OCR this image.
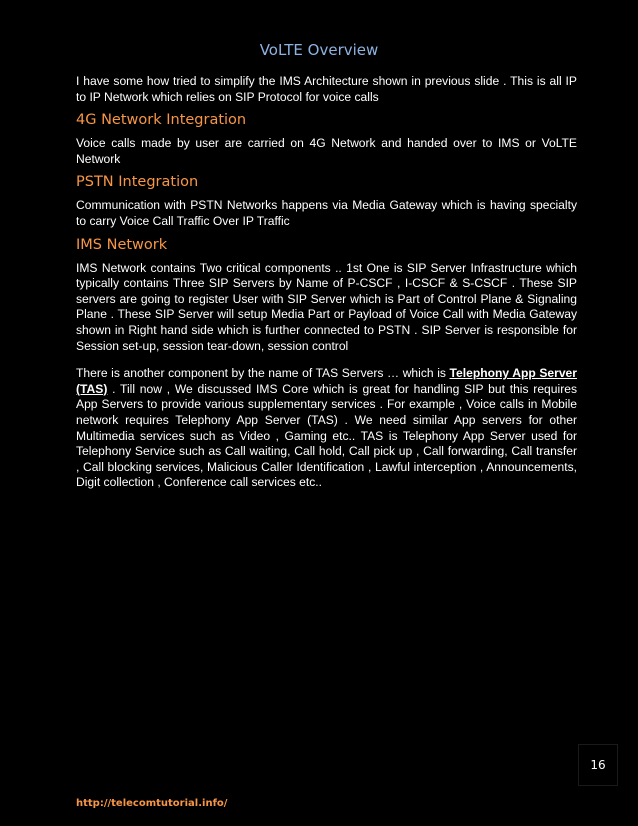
VoLTE Overview

I have some how tried to simplify the IMS Architecture shown in previous slide . This is all IP to IP Network which relies on SIP Protocol for voice calls

4G Network Integration

Voice calls made by user are carried on 4G Network and handed over to IMS or VoLTE Network

PSTN Integration

Communication with PSTN Networks happens via Media Gateway which is having specialty to carry Voice Call Traffic Over IP Traffic

IMS Network

IMS Network contains Two critical components .. 1st One is SIP Server Infrastructure which typically contains Three SIP Servers by Name of P-CSCF , I-CSCF & S-CSCF . These SIP servers are going to register User with SIP Server which is Part of Control Plane & Signaling Plane . These SIP Server will setup Media Part or Payload of Voice Call with Media Gateway shown in Right hand side which is further connected to PSTN . SIP Server is responsible for Session set-up, session tear-down, session control

There is another component by the name of TAS Servers … which is Telephony App Server (TAS) . Till now , We discussed IMS Core which is great for handling SIP but this requires App Servers to provide various supplementary services . For example , Voice calls in Mobile network requires Telephony App Server (TAS) . We need similar App servers for other Multimedia services such as Video , Gaming etc.. TAS is Telephony App Server used for Telephony Service such as Call waiting, Call hold, Call pick up , Call forwarding, Call transfer , Call blocking services, Malicious Caller Identification , Lawful interception , Announcements, Digit collection , Conference call services etc..

16
http://telecomtutorial.info/
